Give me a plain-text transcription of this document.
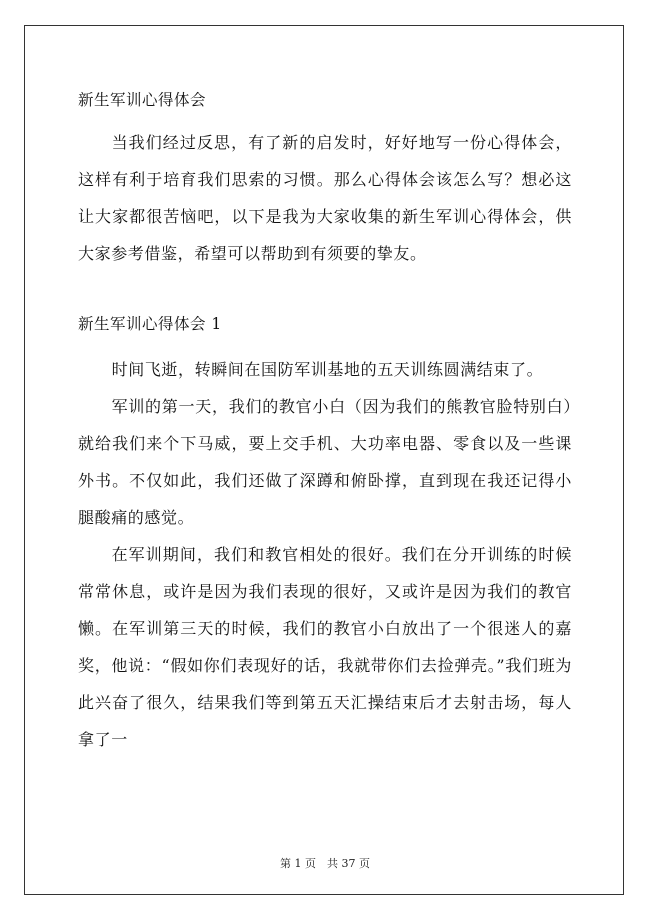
新生军训心得体会

当我们经过反思，有了新的启发时，好好地写一份心得体会，这样有利于培育我们思索的习惯。那么心得体会该怎么写？想必这让大家都很苦恼吧，以下是我为大家收集的新生军训心得体会，供大家参考借鉴，希望可以帮助到有须要的挚友。

新生军训心得体会 1

时间飞逝，转瞬间在国防军训基地的五天训练圆满结束了。

军训的第一天，我们的教官小白（因为我们的熊教官脸特别白）就给我们来个下马威，要上交手机、大功率电器、零食以及一些课外书。不仅如此，我们还做了深蹲和俯卧撑，直到现在我还记得小腿酸痛的感觉。

在军训期间，我们和教官相处的很好。我们在分开训练的时候常常休息，或许是因为我们表现的很好，又或许是因为我们的教官懒。在军训第三天的时候，我们的教官小白放出了一个很迷人的嘉奖，他说：“假如你们表现好的话，我就带你们去捡弹壳。”我们班为此兴奋了很久，结果我们等到第五天汇操结束后才去射击场，每人拿了一

第 1 页　共 37 页
